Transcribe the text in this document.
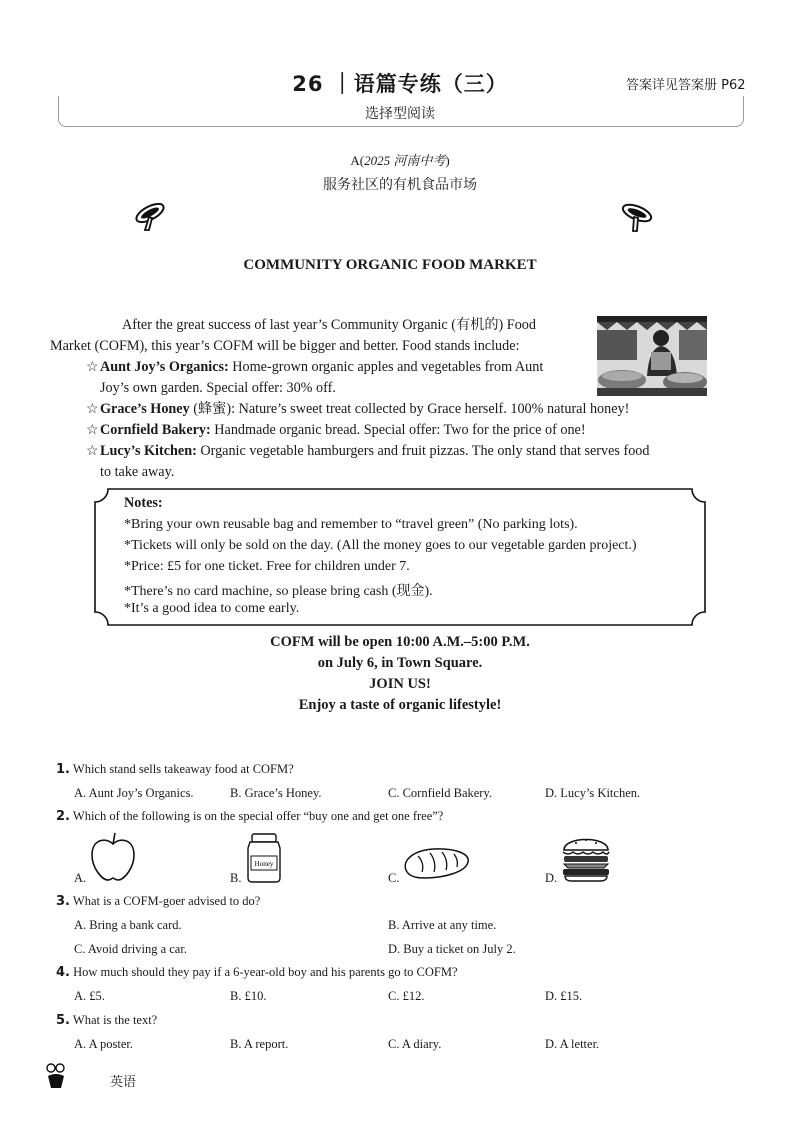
26 ｜语篇专练（三）	答案详见答案册 P62
选择型阅读
A(2025 河南中考)
服务社区的有机食品市场
COMMUNITY ORGANIC FOOD MARKET
After the great success of last year’s Community Organic (有机的) Food
Market (COFM), this year’s COFM will be bigger and better. Food stands include:
☆Aunt Joy’s Organics: Home-grown organic apples and vegetables from Aunt
Joy’s own garden. Special offer: 30% off.
☆Grace’s Honey (蜂蜜): Nature’s sweet treat collected by Grace herself. 100% natural honey!
☆Cornfield Bakery: Handmade organic bread. Special offer: Two for the price of one!
☆Lucy’s Kitchen: Organic vegetable hamburgers and fruit pizzas. The only stand that serves food
to take away.
Notes:
*Bring your own reusable bag and remember to “travel green” (No parking lots).
*Tickets will only be sold on the day. (All the money goes to our vegetable garden project.)
*Price: £5 for one ticket. Free for children under 7.
*There’s no card machine, so please bring cash (现金).
*It’s a good idea to come early.
COFM will be open 10:00 A.M.–5:00 P.M.
on July 6, in Town Square.
JOIN US!
Enjoy a taste of organic lifestyle!
1. Which stand sells takeaway food at COFM?
A. Aunt Joy’s Organics.	B. Grace’s Honey.	C. Cornfield Bakery.	D. Lucy’s Kitchen.
2. Which of the following is on the special offer “buy one and get one free”?
A.	B.
Honey
C.	D.
3. What is a COFM-goer advised to do?
A. Bring a bank card.	B. Arrive at any time.
C. Avoid driving a car.	D. Buy a ticket on July 2.
4. How much should they pay if a 6-year-old boy and his parents go to COFM?
A. £5.	B. £10.	C. £12.	D. £15.
5. What is the text?
A. A poster.	B. A report.	C. A diary.	D. A letter.
英语
